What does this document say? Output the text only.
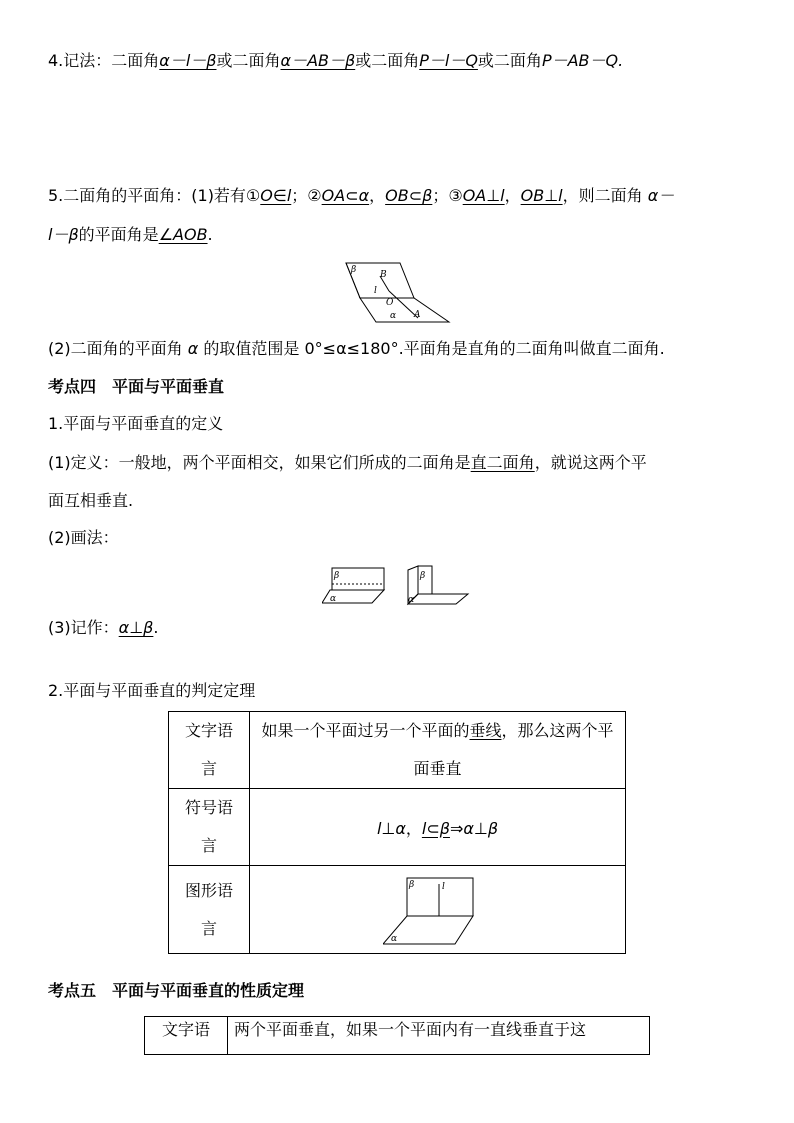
4.记法：二面角α－l－β或二面角α－AB－β或二面角P－l－Q或二面角P－AB－Q.
5.二面角的平面角：(1)若有①O∈l；②OA⊂α，OB⊂β；③OA⊥l，OB⊥l，则二面角 α－
l－β的平面角是∠AOB.
β	B
l
O
α A
(2)二面角的平面角 α 的取值范围是 0°≤α≤180°.平面角是直角的二面角叫做直二面角.
考点四　平面与平面垂直
1.平面与平面垂直的定义
(1)定义：一般地，两个平面相交，如果它们所成的二面角是直二面角，就说这两个平
面互相垂直.
(2)画法：
β
α
β
α
(3)记作：α⊥β.
2.平面与平面垂直的判定定理
文字语言	如果一个平面过另一个平面的垂线，那么这两个平面垂直

符号语言	l⊥α，l⊂β⇒α⊥β

图形语言	β l
α
考点五　平面与平面垂直的性质定理
文字语	两个平面垂直，如果一个平面内有一直线垂直于这
